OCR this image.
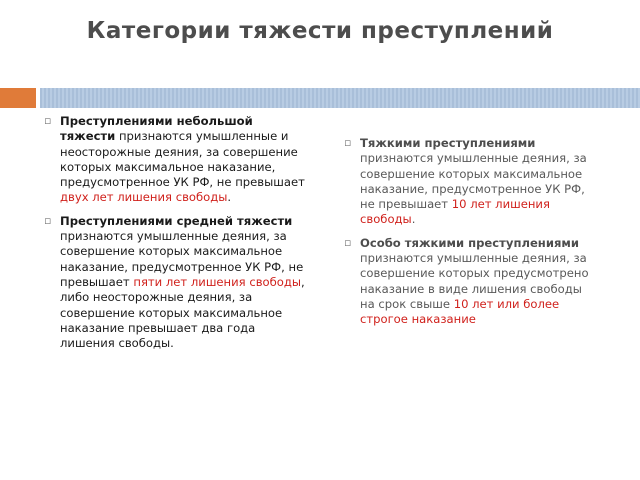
Категории тяжести преступлений
▫ Преступлениями небольшой тяжести признаются умышленные и неосторожные деяния, за совершение которых максимальное наказание, предусмотренное УК РФ, не превышает двух лет лишения свободы.
▫ Преступлениями средней тяжести признаются умышленные деяния, за совершение которых максимальное наказание, предусмотренное УК РФ, не превышает пяти лет лишения свободы, либо неосторожные деяния, за совершение которых максимальное наказание превышает два года лишения свободы.
▫ Тяжкими преступлениями признаются умышленные деяния, за совершение которых максимальное наказание, предусмотренное УК РФ, не превышает 10 лет лишения свободы.
▫ Особо тяжкими преступлениями признаются умышленные деяния, за совершение которых предусмотрено наказание в виде лишения свободы на срок свыше 10 лет или более строгое наказание
